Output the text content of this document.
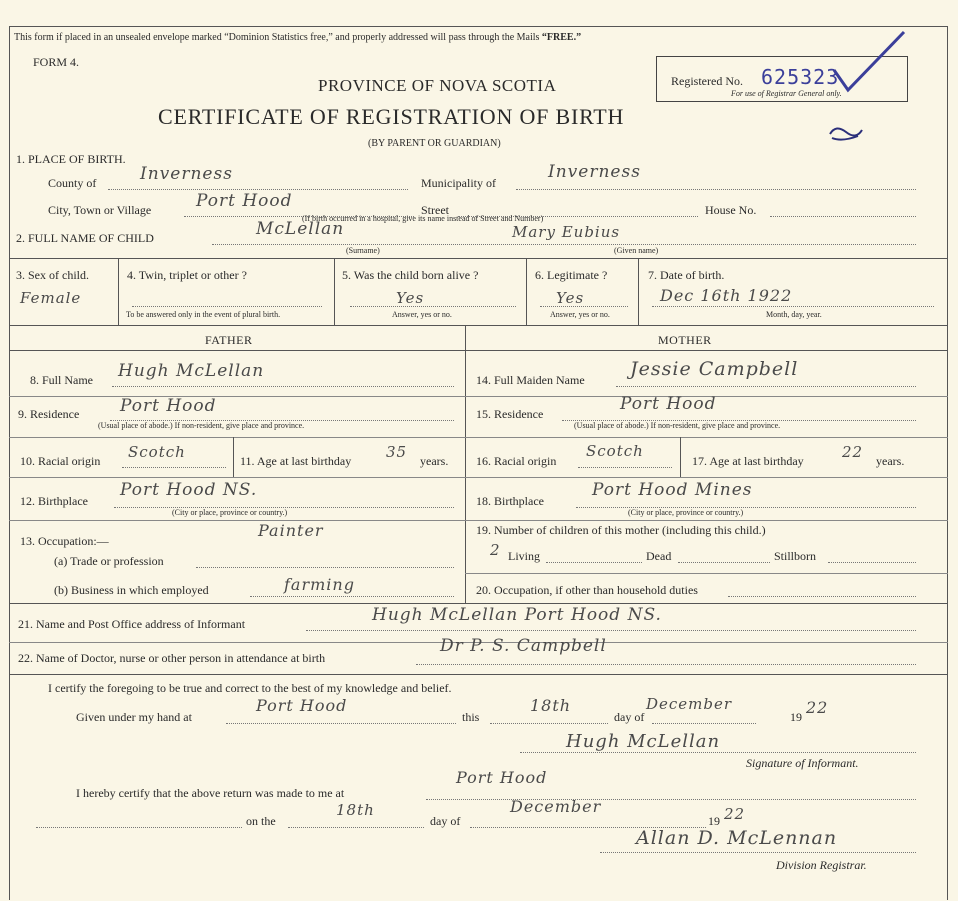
This form if placed in an unsealed envelope marked “Dominion Statistics free,” and properly addressed will pass through the Mails “FREE.”
FORM 4.
Registered No. 625323
For use of Registrar General only.
PROVINCE OF NOVA SCOTIA
CERTIFICATE OF REGISTRATION OF BIRTH
(BY PARENT OR GUARDIAN)
1. PLACE OF BIRTH.
County of	Inverness	Municipality of
Inverness
City, Town or Village	Port Hood	Street	House No.
(If birth occurred in a hospital, give its name instead of Street and Number)
2. FULL NAME OF CHILD	McLellan	Mary Eubius
(Surname)	(Given name)
3. Sex of child.
Female
4. Twin, triplet or other ?
To be answered only in the event of plural birth.
5. Was the child born alive ?
Yes
Answer, yes or no.
6. Legitimate ?
Yes
Answer, yes or no.
7. Date of birth.
Dec 16th 1922
Month, day, year.
FATHER	MOTHER
8. Full Name Hugh McLellan
9. Residence Port Hood
(Usual place of abode.) If non-resident, give place and province.
10. Racial origin Scotch	11. Age at last birthday 35 years.
12. Birthplace
Port Hood NS.
(City or place, province or country.)
13. Occupation:—
Painter
(a) Trade or profession
(b) Business in which employed	farming
14. Full Maiden Name Jessie Campbell
15. Residence	Port Hood
(Usual place of abode.) If non-resident, give place and province.
16. Racial origin
Scotch
17. Age at last birthday	22 years.
18. Birthplace
Port Hood Mines
(City or place, province or country.)
19. Number of children of this mother (including this child.)
2 Living	Dead	Stillborn
20. Occupation, if other than household duties
21. Name and Post Office address of Informant	Hugh McLellan Port Hood NS.
22. Name of Doctor, nurse or other person in attendance at birth
Dr P. S. Campbell
I certify the foregoing to be true and correct to the best of my knowledge and belief.
Given under my hand at
Port Hood
this
18th
day of
December
19 22
Hugh McLellan
Signature of Informant.
I hereby certify that the above return was made to me at
Port Hood
on the
18th
day of
December
19 22
Allan D. McLennan
Division Registrar.
